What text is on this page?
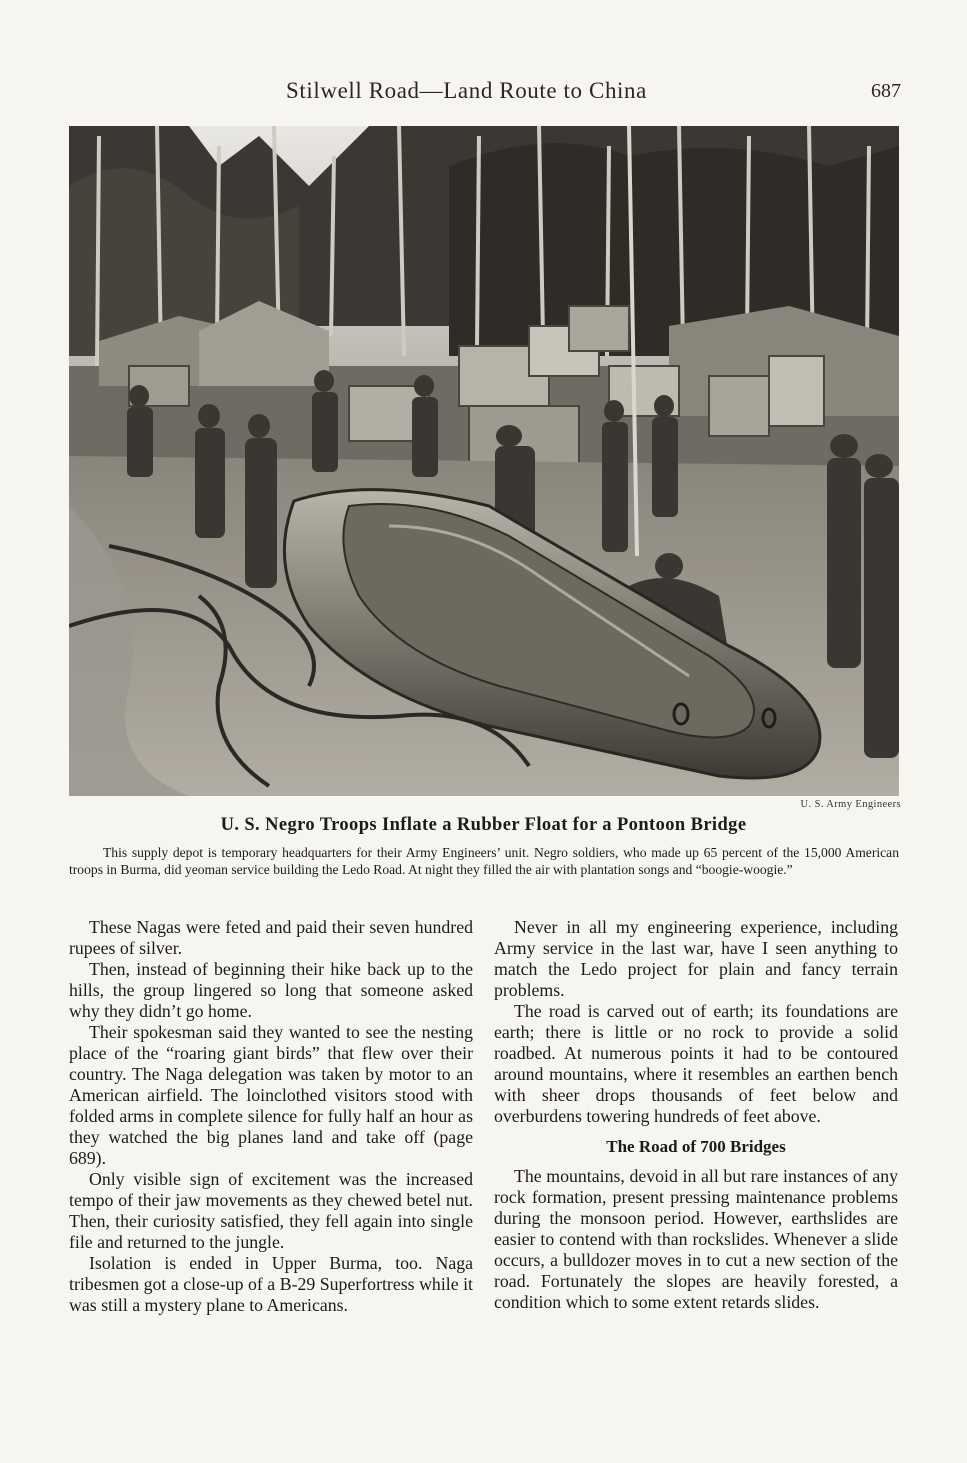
Stilwell Road—Land Route to China	687
U. S. Army Engineers
U. S. Negro Troops Inflate a Rubber Float for a Pontoon Bridge
This supply depot is temporary headquarters for their Army Engineers’ unit. Negro soldiers, who made up 65 percent of the 15,000 American troops in Burma, did yeoman service building the Ledo Road. At night they filled the air with plantation songs and “boogie-woogie.”

These Nagas were feted and paid their seven hundred rupees of silver.

Then, instead of beginning their hike back up to the hills, the group lingered so long that someone asked why they didn’t go home.

Their spokesman said they wanted to see the nesting place of the “roaring giant birds” that flew over their country. The Naga delegation was taken by motor to an American airfield. The loinclothed visitors stood with folded arms in complete silence for fully half an hour as they watched the big planes land and take off (page 689).

Only visible sign of excitement was the increased tempo of their jaw movements as they chewed betel nut. Then, their curiosity satisfied, they fell again into single file and returned to the jungle.

Isolation is ended in Upper Burma, too. Naga tribesmen got a close-up of a B-29 Superfortress while it was still a mystery plane to Americans.

Never in all my engineering experience, including Army service in the last war, have I seen anything to match the Ledo project for plain and fancy terrain problems.

The road is carved out of earth; its foundations are earth; there is little or no rock to provide a solid roadbed. At numerous points it had to be contoured around mountains, where it resembles an earthen bench with sheer drops thousands of feet below and overburdens towering hundreds of feet above.

The Road of 700 Bridges

The mountains, devoid in all but rare instances of any rock formation, present pressing maintenance problems during the monsoon period. However, earthslides are easier to contend with than rockslides. Whenever a slide occurs, a bulldozer moves in to cut a new section of the road. Fortunately the slopes are heavily forested, a condition which to some extent retards slides.
